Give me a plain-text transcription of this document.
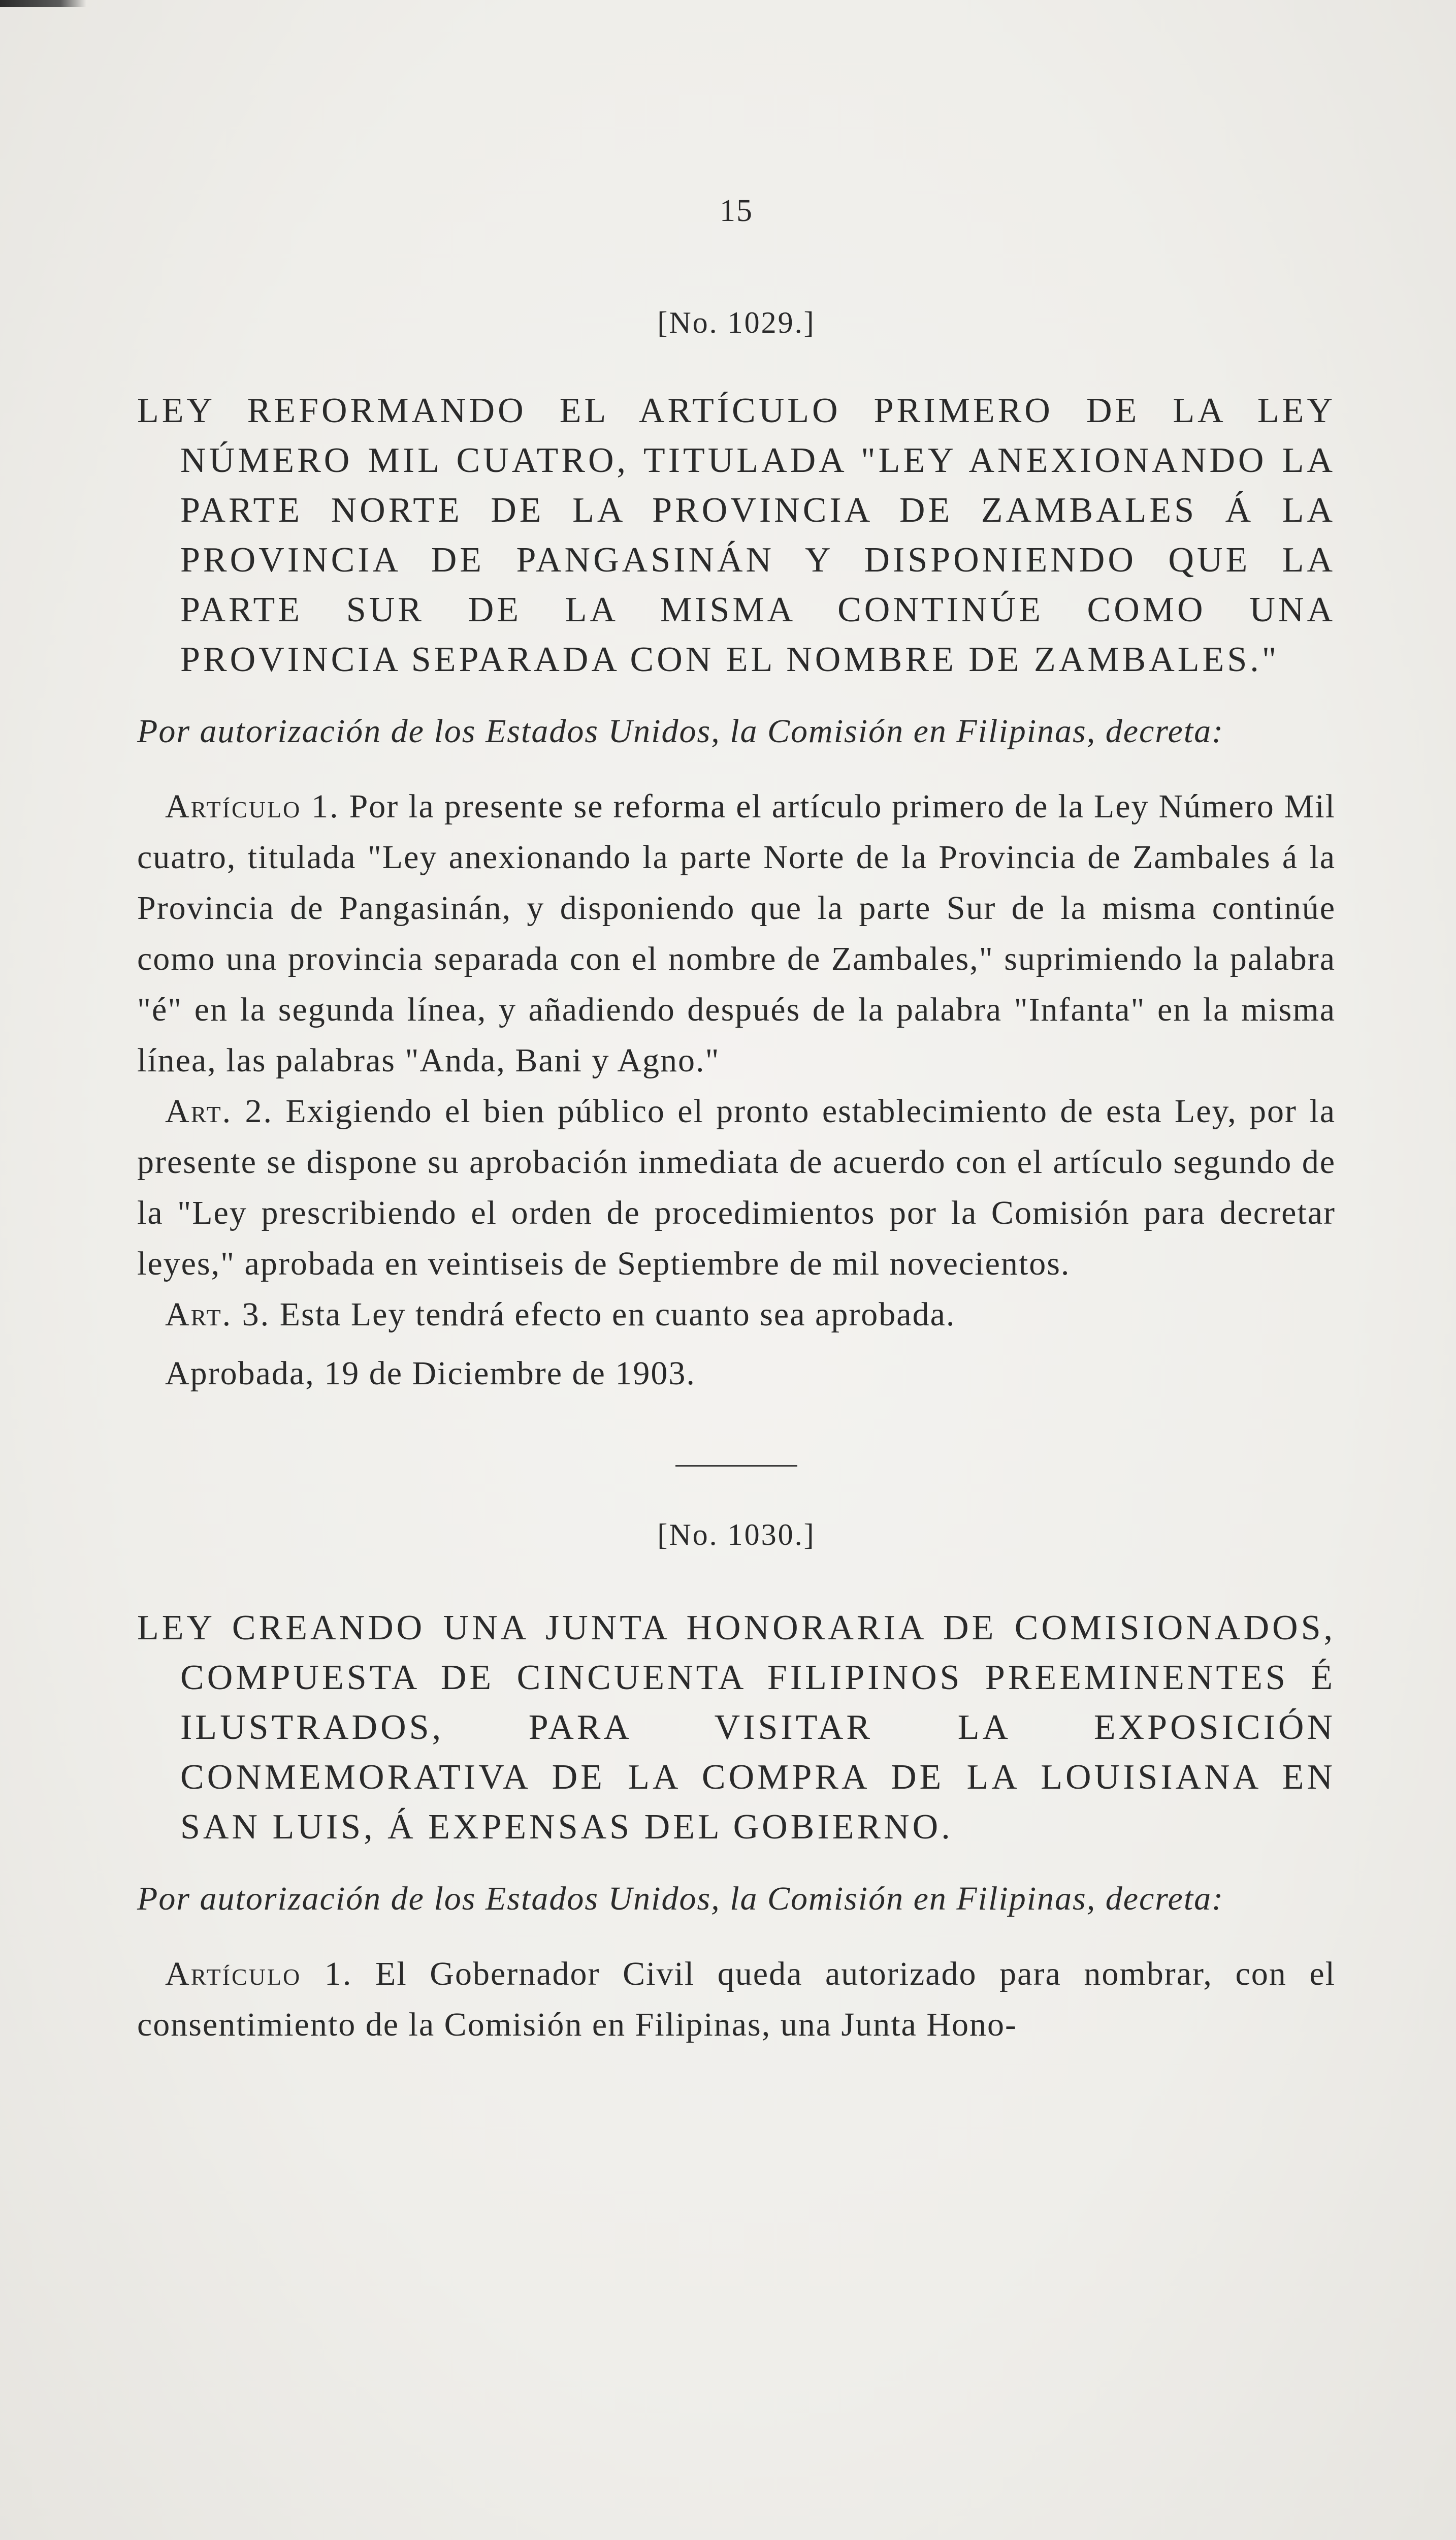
15
[No. 1029.]
LEY REFORMANDO EL ARTÍCULO PRIMERO DE LA LEY NÚMERO MIL CUATRO, TITULADA "LEY ANEXIONANDO LA PARTE NORTE DE LA PROVINCIA DE ZAMBALES Á LA PROVINCIA DE PANGASINÁN Y DISPONIENDO QUE LA PARTE SUR DE LA MISMA CONTINÚE COMO UNA PROVINCIA SEPARADA CON EL NOMBRE DE ZAMBALES."
Por autorización de los Estados Unidos, la Comisión en Filipinas, decreta:

Artículo 1. Por la presente se reforma el artículo primero de la Ley Número Mil cuatro, titulada "Ley anexionando la parte Norte de la Provincia de Zambales á la Provincia de Pangasinán, y disponiendo que la parte Sur de la misma continúe como una provincia separada con el nombre de Zambales," suprimiendo la palabra "é" en la segunda línea, y añadiendo después de la palabra "Infanta" en la misma línea, las palabras "Anda, Bani y Agno."

Art. 2. Exigiendo el bien público el pronto establecimiento de esta Ley, por la presente se dispone su aprobación inmediata de acuerdo con el artículo segundo de la "Ley prescribiendo el orden de procedimientos por la Comisión para decretar leyes," aprobada en veintiseis de Septiembre de mil novecientos.

Art. 3. Esta Ley tendrá efecto en cuanto sea aprobada.

Aprobada, 19 de Diciembre de 1903.

[No. 1030.]
LEY CREANDO UNA JUNTA HONORARIA DE COMISIONADOS, COMPUESTA DE CINCUENTA FILIPINOS PREEMINENTES É ILUSTRADOS, PARA VISITAR LA EXPOSICIÓN CONMEMORATIVA DE LA COMPRA DE LA LOUISIANA EN SAN LUIS, Á EXPENSAS DEL GOBIERNO.
Por autorización de los Estados Unidos, la Comisión en Filipinas, decreta:

Artículo 1. El Gobernador Civil queda autorizado para nombrar, con el consentimiento de la Comisión en Filipinas, una Junta Hono-
